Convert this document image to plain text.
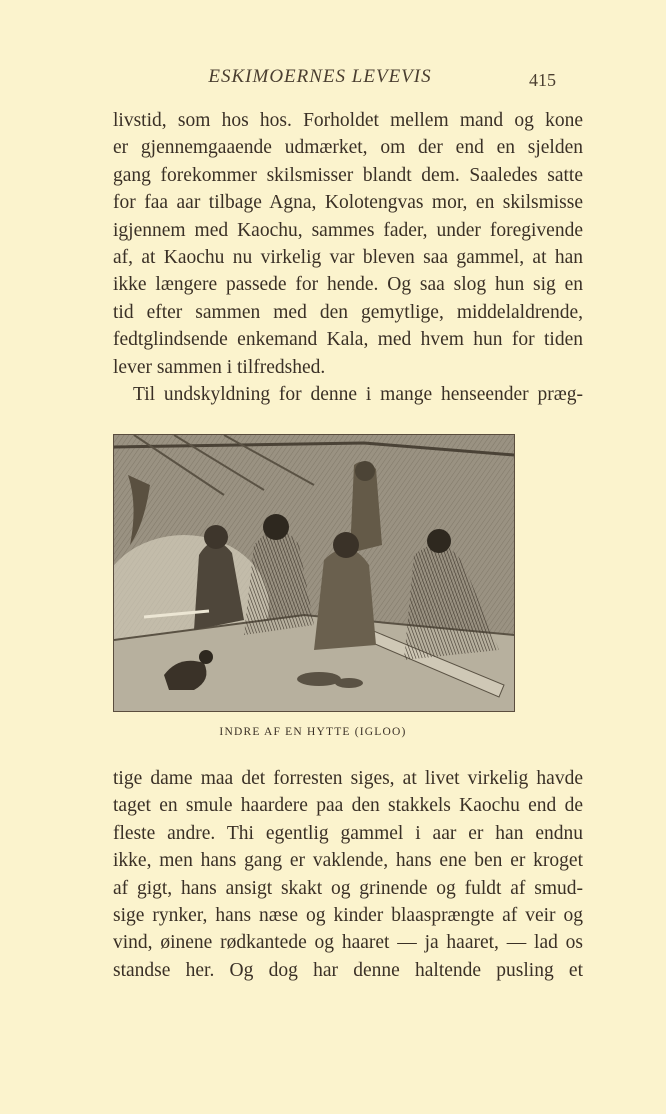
ESKIMOERNES LEVEVIS	415
livstid, som hos hos. Forholdet mellem mand og kone
er gjennemgaaende udmærket, om der end en sjelden
gang forekommer skilsmisser blandt dem. Saaledes satte
for faa aar tilbage Agna, Kolotengvas mor, en skilsmisse
igjennem med Kaochu, sammes fader, under foregivende
af, at Kaochu nu virkelig var bleven saa gammel, at han
ikke længere passede for hende. Og saa slog hun sig en
tid efter sammen med den gemytlige, middelaldrende,
fedtglindsende enkemand Kala, med hvem hun for tiden
lever sammen i tilfredshed.
Til undskyldning for denne i mange henseender præg-
INDRE AF EN HYTTE (IGLOO)
tige dame maa det forresten siges, at livet virkelig havde
taget en smule haardere paa den stakkels Kaochu end de
fleste andre. Thi egentlig gammel i aar er han endnu
ikke, men hans gang er vaklende, hans ene ben er kroget
af gigt, hans ansigt skakt og grinende og fuldt af smud-
sige rynker, hans næse og kinder blaasprængte af veir og
vind, øinene rødkantede og haaret — ja haaret, — lad os
standse her. Og dog har denne haltende pusling et
